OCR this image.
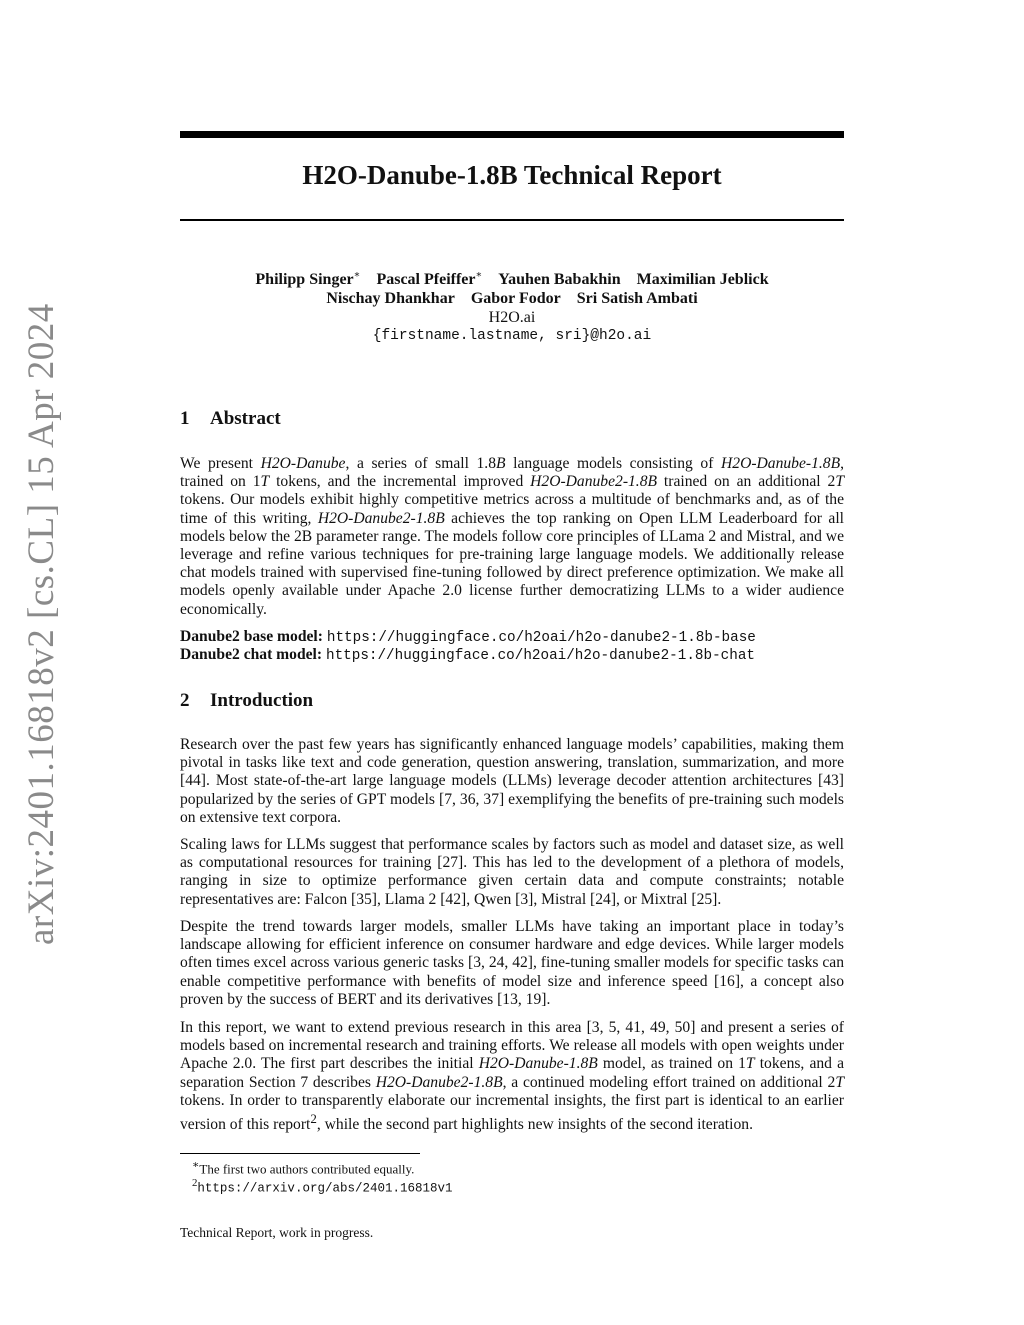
arXiv:2401.16818v2 [cs.CL] 15 Apr 2024
H2O-Danube-1.8B Technical Report
Philipp Singer∗ Pascal Pfeiffer∗ Yauhen Babakhin Maximilian Jeblick
Nischay Dhankhar Gabor Fodor Sri Satish Ambati
H2O.ai
{firstname.lastname, sri}@h2o.ai
1 Abstract

We present H2O-Danube, a series of small 1.8B language models consisting of H2O-Danube-1.8B, trained on 1T tokens, and the incremental improved H2O-Danube2-1.8B trained on an additional 2T tokens. Our models exhibit highly competitive metrics across a multitude of benchmarks and, as of the time of this writing, H2O-Danube2-1.8B achieves the top ranking on Open LLM Leaderboard for all models below the 2B parameter range. The models follow core principles of LLama 2 and Mistral, and we leverage and refine various techniques for pre-training large language models. We additionally release chat models trained with supervised fine-tuning followed by direct preference optimization. We make all models openly available under Apache 2.0 license further democratizing LLMs to a wider audience economically.

Danube2 base model: https://huggingface.co/h2oai/h2o-danube2-1.8b-base
Danube2 chat model: https://huggingface.co/h2oai/h2o-danube2-1.8b-chat
2 Introduction

Research over the past few years has significantly enhanced language models’ capabilities, making them pivotal in tasks like text and code generation, question answering, translation, summarization, and more [44]. Most state-of-the-art large language models (LLMs) leverage decoder attention architectures [43] popularized by the series of GPT models [7, 36, 37] exemplifying the benefits of pre-training such models on extensive text corpora.

Scaling laws for LLMs suggest that performance scales by factors such as model and dataset size, as well as computational resources for training [27]. This has led to the development of a plethora of models, ranging in size to optimize performance given certain data and compute constraints; notable representatives are: Falcon [35], Llama 2 [42], Qwen [3], Mistral [24], or Mixtral [25].

Despite the trend towards larger models, smaller LLMs have taking an important place in today’s landscape allowing for efficient inference on consumer hardware and edge devices. While larger models often times excel across various generic tasks [3, 24, 42], fine-tuning smaller models for specific tasks can enable competitive performance with benefits of model size and inference speed [16], a concept also proven by the success of BERT and its derivatives [13, 19].

In this report, we want to extend previous research in this area [3, 5, 41, 49, 50] and present a series of models based on incremental research and training efforts. We release all models with open weights under Apache 2.0. The first part describes the initial H2O-Danube-1.8B model, as trained on 1T tokens, and a separation Section 7 describes H2O-Danube2-1.8B, a continued modeling effort trained on additional 2T tokens. In order to transparently elaborate our incremental insights, the first part is identical to an earlier version of this report$^2$, while the second part highlights new insights of the second iteration.

∗The first two authors contributed equally.
$^2$https://arxiv.org/abs/2401.16818v1
Technical Report, work in progress.
